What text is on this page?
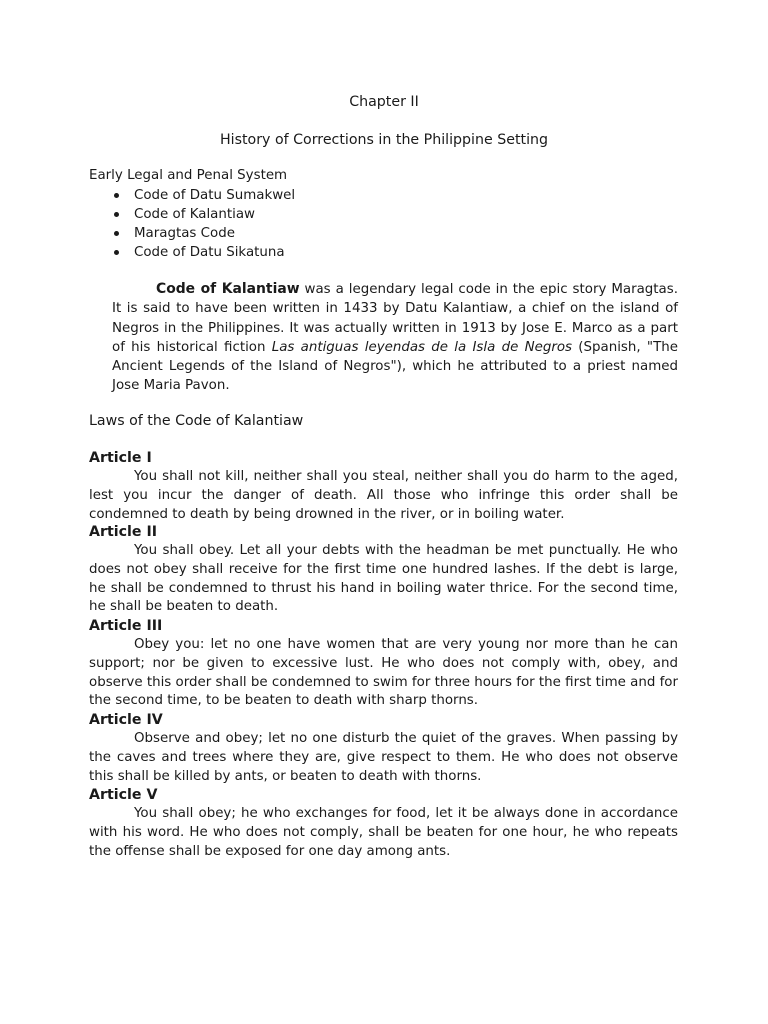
Chapter II
History of Corrections in the Philippine Setting
Early Legal and Penal System
Code of Datu Sumakwel
Code of Kalantiaw
Maragtas Code
Code of Datu Sikatuna
Code of Kalantiaw was a legendary legal code in the epic story Maragtas. It is said to have been written in 1433 by Datu Kalantiaw, a chief on the island of Negros in the Philippines. It was actually written in 1913 by Jose E. Marco as a part of his historical fiction Las antiguas leyendas de la Isla de Negros (Spanish, "The Ancient Legends of the Island of Negros"), which he attributed to a priest named Jose Maria Pavon.
Laws of the Code of Kalantiaw
Article I
You shall not kill, neither shall you steal, neither shall you do harm to the aged, lest you incur the danger of death. All those who infringe this order shall be condemned to death by being drowned in the river, or in boiling water.
Article II
You shall obey. Let all your debts with the headman be met punctually. He who does not obey shall receive for the first time one hundred lashes. If the debt is large, he shall be condemned to thrust his hand in boiling water thrice. For the second time, he shall be beaten to death.
Article III
Obey you: let no one have women that are very young nor more than he can support; nor be given to excessive lust. He who does not comply with, obey, and observe this order shall be condemned to swim for three hours for the first time and for the second time, to be beaten to death with sharp thorns.
Article IV
Observe and obey; let no one disturb the quiet of the graves. When passing by the caves and trees where they are, give respect to them. He who does not observe this shall be killed by ants, or beaten to death with thorns.
Article V
You shall obey; he who exchanges for food, let it be always done in accordance with his word. He who does not comply, shall be beaten for one hour, he who repeats the offense shall be exposed for one day among ants.
